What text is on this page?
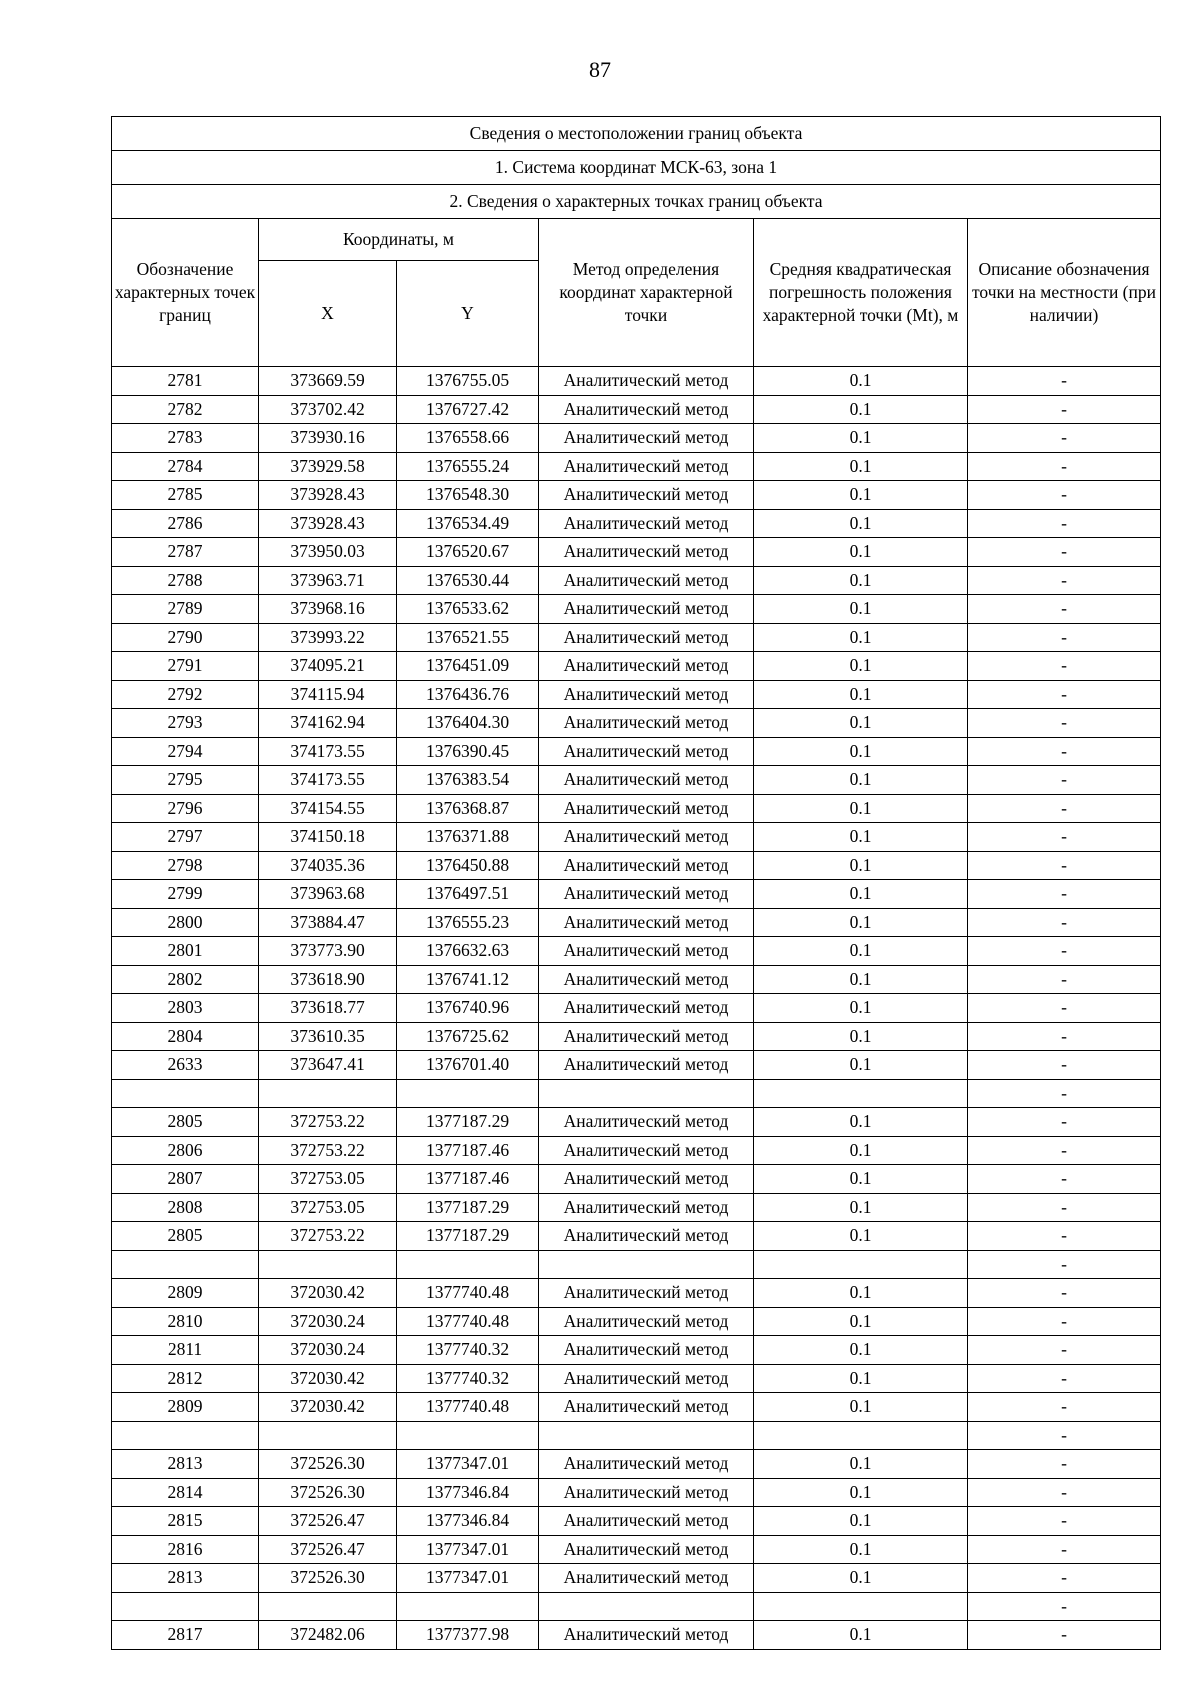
87
Сведения о местоположении границ объекта					
1. Система координат МСК-63, зона 1					
2. Сведения о характерных точках границ объекта					
Обозначение характерных точек границ	Координаты, м		Метод определения координат характерной точки	Средняя квадратическая погрешность положения характерной точки (Mt), м	Описание обозначения точки на местности (при наличии)
	X	Y			
2781	373669.59	1376755.05	Аналитический метод	0.1	-
2782	373702.42	1376727.42	Аналитический метод	0.1	-
2783	373930.16	1376558.66	Аналитический метод	0.1	-
2784	373929.58	1376555.24	Аналитический метод	0.1	-
2785	373928.43	1376548.30	Аналитический метод	0.1	-
2786	373928.43	1376534.49	Аналитический метод	0.1	-
2787	373950.03	1376520.67	Аналитический метод	0.1	-
2788	373963.71	1376530.44	Аналитический метод	0.1	-
2789	373968.16	1376533.62	Аналитический метод	0.1	-
2790	373993.22	1376521.55	Аналитический метод	0.1	-
2791	374095.21	1376451.09	Аналитический метод	0.1	-
2792	374115.94	1376436.76	Аналитический метод	0.1	-
2793	374162.94	1376404.30	Аналитический метод	0.1	-
2794	374173.55	1376390.45	Аналитический метод	0.1	-
2795	374173.55	1376383.54	Аналитический метод	0.1	-
2796	374154.55	1376368.87	Аналитический метод	0.1	-
2797	374150.18	1376371.88	Аналитический метод	0.1	-
2798	374035.36	1376450.88	Аналитический метод	0.1	-
2799	373963.68	1376497.51	Аналитический метод	0.1	-
2800	373884.47	1376555.23	Аналитический метод	0.1	-
2801	373773.90	1376632.63	Аналитический метод	0.1	-
2802	373618.90	1376741.12	Аналитический метод	0.1	-
2803	373618.77	1376740.96	Аналитический метод	0.1	-
2804	373610.35	1376725.62	Аналитический метод	0.1	-
2633	373647.41	1376701.40	Аналитический метод	0.1	-
					-
2805	372753.22	1377187.29	Аналитический метод	0.1	-
2806	372753.22	1377187.46	Аналитический метод	0.1	-
2807	372753.05	1377187.46	Аналитический метод	0.1	-
2808	372753.05	1377187.29	Аналитический метод	0.1	-
2805	372753.22	1377187.29	Аналитический метод	0.1	-
					-
2809	372030.42	1377740.48	Аналитический метод	0.1	-
2810	372030.24	1377740.48	Аналитический метод	0.1	-
2811	372030.24	1377740.32	Аналитический метод	0.1	-
2812	372030.42	1377740.32	Аналитический метод	0.1	-
2809	372030.42	1377740.48	Аналитический метод	0.1	-
					-
2813	372526.30	1377347.01	Аналитический метод	0.1	-
2814	372526.30	1377346.84	Аналитический метод	0.1	-
2815	372526.47	1377346.84	Аналитический метод	0.1	-
2816	372526.47	1377347.01	Аналитический метод	0.1	-
2813	372526.30	1377347.01	Аналитический метод	0.1	-
					-
2817	372482.06	1377377.98	Аналитический метод	0.1	-
